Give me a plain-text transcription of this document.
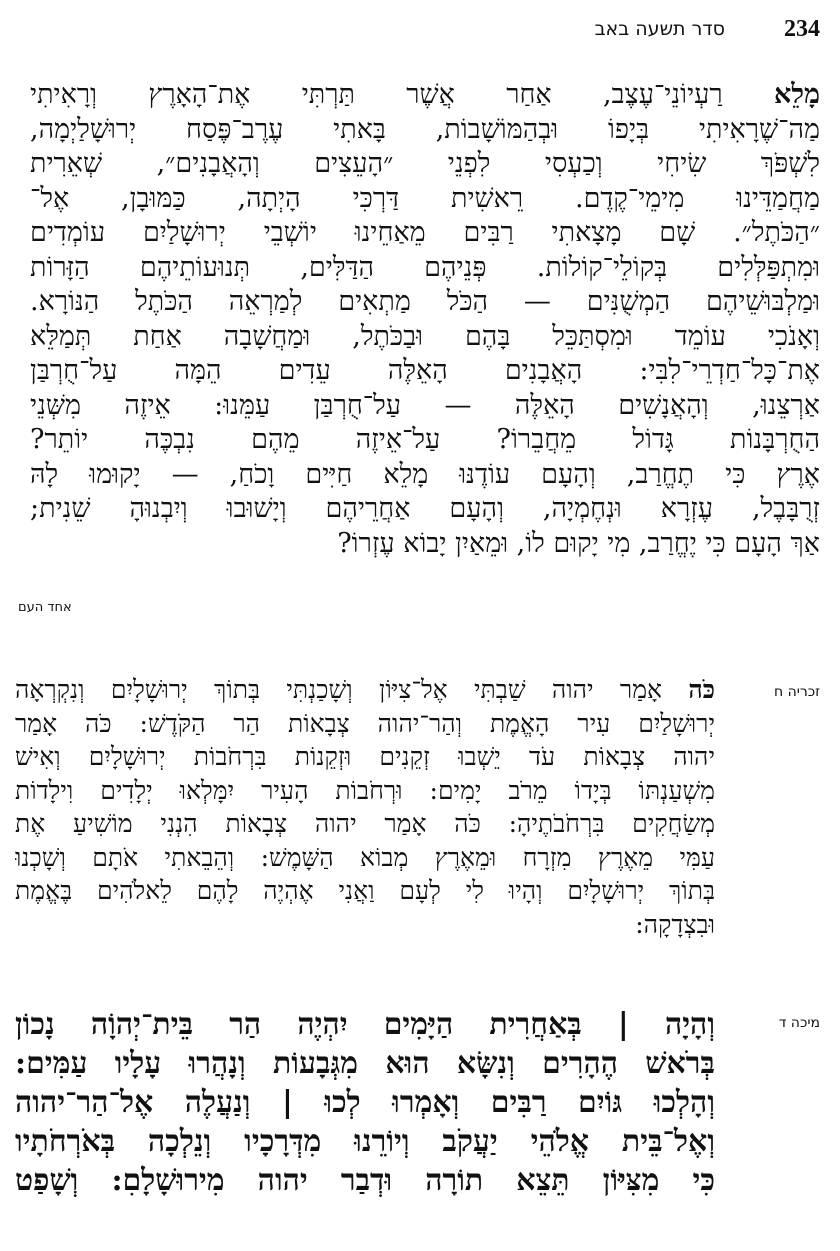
234
סדר תשעה באב
מָלֵא רַעְיוֹנֵי־עֶצֶב, אַחַר אֲשֶׁר תַּרְתִּי אֶת־הָאָרֶץ וְרָאִיתִי
מַה־שֶׁרָאִיתִי בְּיָפוֹ וּבְהַמּוֹשָׁבוֹת, בָּאתִי עֶרֶב־פֶּסַח יְרוּשָׁלַיְמָה,
לִשְׁפֹּךְ שִׂיחִי וְכַעְסִי לִפְנֵי ״הָעֵצִים וְהָאֲבָנִים״, שְׁאֵרִית
מַחֲמַדֵּינוּ מִימֵי־קֶדֶם. רֵאשִׁית דַּרְכִּי הָיְתָה, כַּמּוּבָן, אֶל־
״הַכֹּתֶל״. שָׁם מָצָאתִי רַבִּים מֵאַחֵינוּ יוֹשְׁבֵי יְרוּשָׁלַיִם עוֹמְדִים
וּמִתְפַּלְּלִים בְּקוֹלֵי־קוֹלוֹת. פְּנֵיהֶם הַדַּלִּים, תְּנוּעוֹתֵיהֶם הַזָּרוֹת
וּמַלְבּוּשֵׁיהֶם הַמְשֻׁנִּים — הַכֹּל מַתְאִים לְמַרְאֵה הַכֹּתֶל הַנּוֹרָא.
וְאָנֹכִי עוֹמֵד וּמִסְתַּכֵּל בָּהֶם וּבַכֹּתֶל, וּמַחֲשָׁבָה אַחַת תְּמַלֵּא
אֶת־כָּל־חַדְרֵי־לִבִּי: הָאֲבָנִים הָאֵלֶּה עֵדִים הֵמָּה עַל־חֻרְבַּן
אַרְצֵנוּ, וְהָאֲנָשִׁים הָאֵלֶּה — עַל־חֻרְבַּן עַמֵּנוּ: אֵיזֶה מִשְּׁנֵי
הַחֻרְבָּנוֹת גָּדוֹל מֵחֲבֵרוֹ? עַל־אֵיזֶה מֵהֶם נִבְכֶּה יוֹתֵר?
אֶרֶץ כִּי תֶחֱרַב, וְהָעָם עוֹדֶנּוּ מָלֵא חַיִּים וָכֹחַ, — יָקוּמוּ לָהּ
זְרֻבָּבֶל, עֶזְרָא וּנְחֶמְיָה, וְהָעָם אַחֲרֵיהֶם וְיָשׁוּבוּ וְיִבְנוּהָ שֵׁנִית;
אַךְ הָעָם כִּי יֶחֱרַב, מִי יָקוּם לוֹ, וּמֵאַיִן יָבוֹא עֶזְרוֹ?
אחד העם
זכריה ח
כֹּה אָמַר יהוה שַׁבְתִּי אֶל־צִיּוֹן וְשָׁכַנְתִּי בְּתוֹךְ יְרוּשָׁלָיִם וְנִקְרְאָה
יְרוּשָׁלַיִם עִיר הָאֱמֶת וְהַר־יהוה צְבָאוֹת הַר הַקֹּדֶשׁ: כֹּה אָמַר
יהוה צְבָאוֹת עֹד יֵשְׁבוּ זְקֵנִים וּזְקֵנוֹת בִּרְחֹבוֹת יְרוּשָׁלָיִם וְאִישׁ
מִשְׁעַנְתּוֹ בְּיָדוֹ מֵרֹב יָמִים: וּרְחֹבוֹת הָעִיר יִמָּלְאוּ יְלָדִים וִילָדוֹת
מְשַׂחֲקִים בִּרְחֹבֹתֶיהָ: כֹּה אָמַר יהוה צְבָאוֹת הִנְנִי מוֹשִׁיעַ אֶת
עַמִּי מֵאֶרֶץ מִזְרָח וּמֵאֶרֶץ מְבוֹא הַשָּׁמֶשׁ: וְהֵבֵאתִי אֹתָם וְשָׁכְנוּ
בְּתוֹךְ יְרוּשָׁלָיִם וְהָיוּ לִי לְעָם וַאֲנִי אֶהְיֶה לָהֶם לֵאלֹהִים בֶּאֱמֶת
וּבִצְדָקָה:
מיכה ד
וְהָיָה | בְּאַחֲרִית הַיָּמִים יִהְיֶה הַר בֵּית־יְהוָֹה נָכוֹן
בְּרֹאשׁ הֶהָרִים וְנִשָּׂא הוּא מִגְּבָעוֹת וְנָהֲרוּ עָלָיו עַמִּים:
וְהָלְכוּ גּוֹיִם רַבִּים וְאָמְרוּ לְכוּ | וְנַעֲלֶה אֶל־הַר־יהוה
וְאֶל־בֵּית אֱלֹהֵי יַעֲקֹב וְיוֹרֵנוּ מִדְּרָכָיו וְנֵלְכָה בְּאֹרְחֹתָיו
כִּי מִצִּיּוֹן תֵּצֵא תוֹרָה וּדְבַר יהוה מִירוּשָׁלָםִ: וְשָׁפַט
